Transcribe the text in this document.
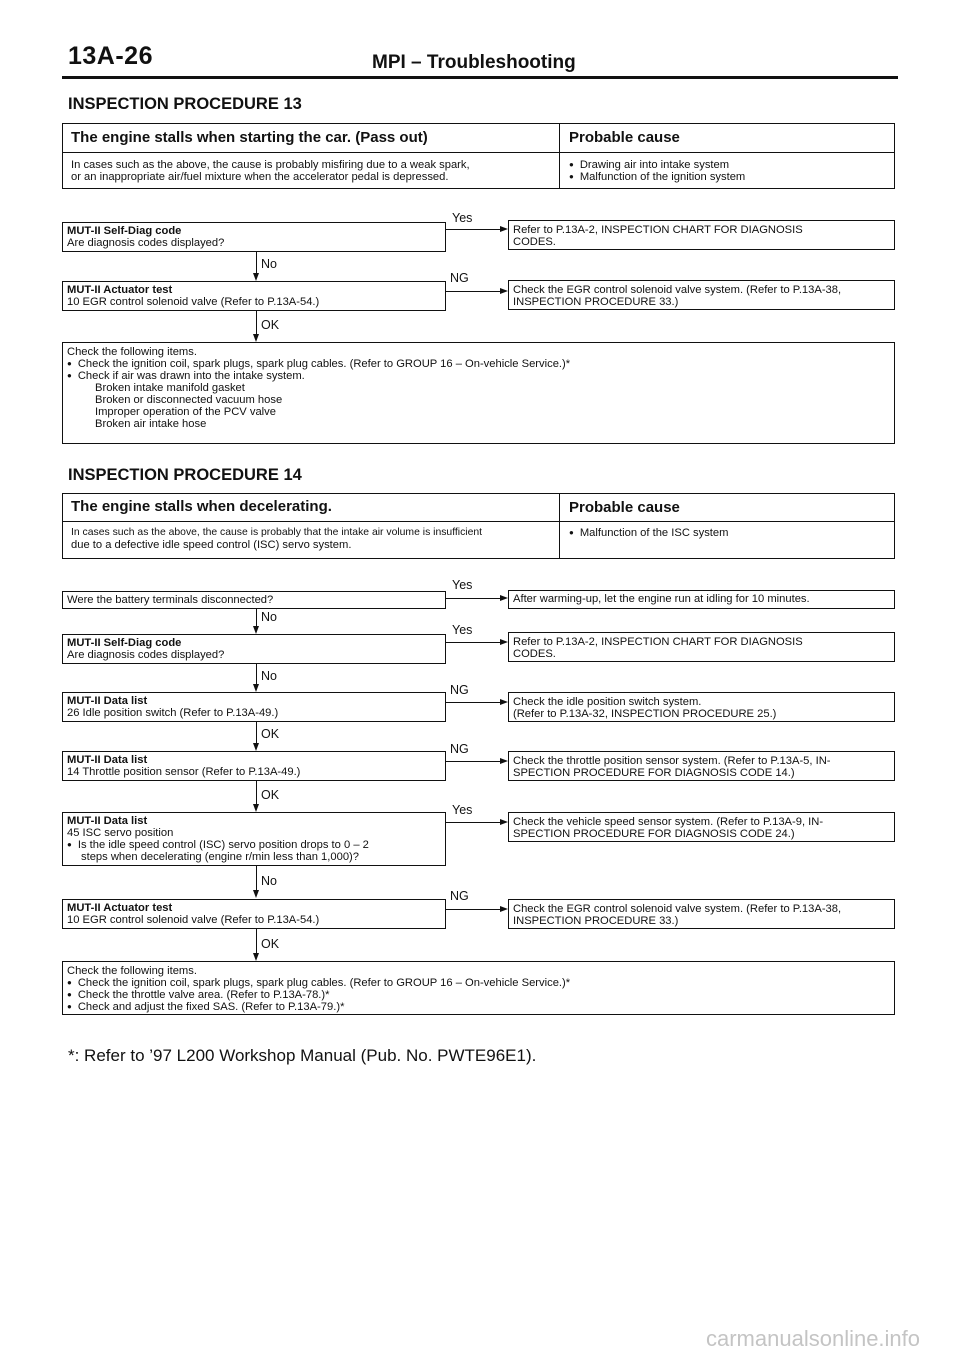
13A-26	MPI – Troubleshooting
INSPECTION PROCEDURE 13
The engine stalls when starting the car. (Pass out)	Probable cause
In cases such as the above, the cause is probably misfiring due to a weak spark,
or an inappropriate air/fuel mixture when the accelerator pedal is depressed.
● Drawing air into intake system
● Malfunction of the ignition system
MUT-II Self-Diag code
Are diagnosis codes displayed?
Yes
Refer to P.13A-2, INSPECTION CHART FOR DIAGNOSIS
CODES.
No
MUT-II Actuator test
10 EGR control solenoid valve (Refer to P.13A-54.)
NG
Check the EGR control solenoid valve system. (Refer to P.13A-38,
INSPECTION PROCEDURE 33.)
OK
Check the following items.
● Check the ignition coil, spark plugs, spark plug cables. (Refer to GROUP 16 – On-vehicle Service.)*
● Check if air was drawn into the intake system.
Broken intake manifold gasket
Broken or disconnected vacuum hose
Improper operation of the PCV valve
Broken air intake hose
INSPECTION PROCEDURE 14
The engine stalls when decelerating.	Probable cause
In cases such as the above, the cause is probably that the intake air volume is insufficient
due to a defective idle speed control (ISC) servo system.
● Malfunction of the ISC system
Were the battery terminals disconnected?
Yes
After warming-up, let the engine run at idling for 10 minutes.
No
MUT-II Self-Diag code
Are diagnosis codes displayed?
Yes
Refer to P.13A-2, INSPECTION CHART FOR DIAGNOSIS
CODES.
No
MUT-II Data list
26 Idle position switch (Refer to P.13A-49.)
NG
Check the idle position switch system.
(Refer to P.13A-32, INSPECTION PROCEDURE 25.)
OK
MUT-II Data list
14 Throttle position sensor (Refer to P.13A-49.)
NG
Check the throttle position sensor system. (Refer to P.13A-5, IN-
SPECTION PROCEDURE FOR DIAGNOSIS CODE 14.)
OK
MUT-II Data list
45 ISC servo position
● Is the idle speed control (ISC) servo position drops to 0 – 2
steps when decelerating (engine r/min less than 1,000)?
Yes
Check the vehicle speed sensor system. (Refer to P.13A-9, IN-
SPECTION PROCEDURE FOR DIAGNOSIS CODE 24.)
No
MUT-II Actuator test
10 EGR control solenoid valve (Refer to P.13A-54.)
NG
Check the EGR control solenoid valve system. (Refer to P.13A-38,
INSPECTION PROCEDURE 33.)
OK
Check the following items.
● Check the ignition coil, spark plugs, spark plug cables. (Refer to GROUP 16 – On-vehicle Service.)*
● Check the throttle valve area. (Refer to P.13A-78.)*
● Check and adjust the fixed SAS. (Refer to P.13A-79.)*
*: Refer to ’97 L200 Workshop Manual (Pub. No. PWTE96E1).
carmanualsonline.info
